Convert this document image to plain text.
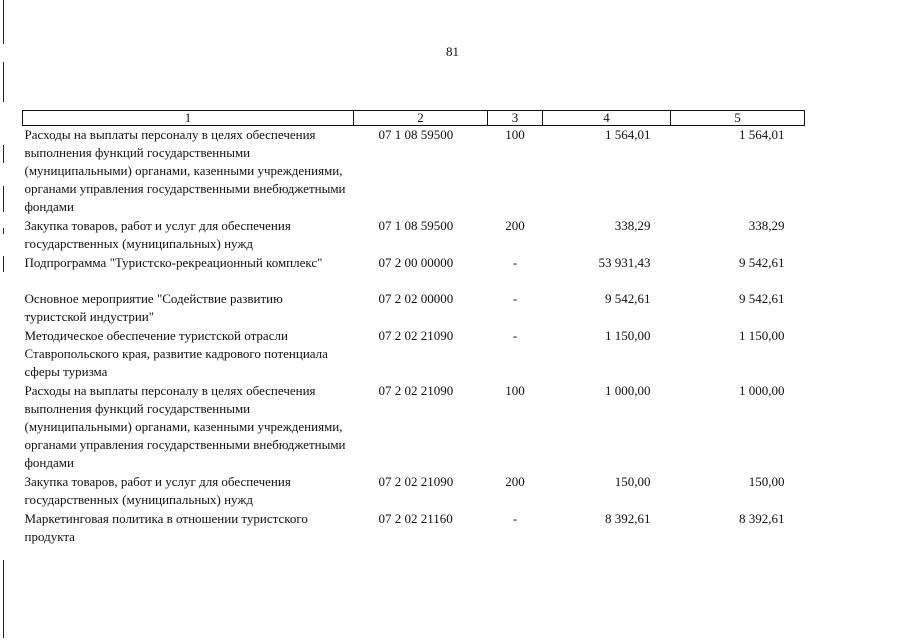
81
1	2	3	4	5
Расходы на выплаты персоналу в целях обеспечения выполнения функций государственными (муниципальными) органами, казенными учреждениями, органами управления государственными внебюджетными фондами	07 1 08 59500	100	1 564,01	1 564,01
Закупка товаров, работ и услуг для обеспечения государственных (муниципальных) нужд	07 1 08 59500	200	338,29	338,29
Подпрограмма "Туристско-рекреационный комплекс"	07 2 00 00000	-	53 931,43	9 542,61
Основное мероприятие "Содействие развитию туристской индустрии"	07 2 02 00000	-	9 542,61	9 542,61
Методическое обеспечение туристской отрасли Ставропольского края, развитие кадрового потенциала сферы туризма	07 2 02 21090	-	1 150,00	1 150,00
Расходы на выплаты персоналу в целях обеспечения выполнения функций государственными (муниципальными) органами, казенными учреждениями, органами управления государственными внебюджетными фондами	07 2 02 21090	100	1 000,00	1 000,00
Закупка товаров, работ и услуг для обеспечения государственных (муниципальных) нужд	07 2 02 21090	200	150,00	150,00
Маркетинговая политика в отношении туристского продукта	07 2 02 21160	-	8 392,61	8 392,61
